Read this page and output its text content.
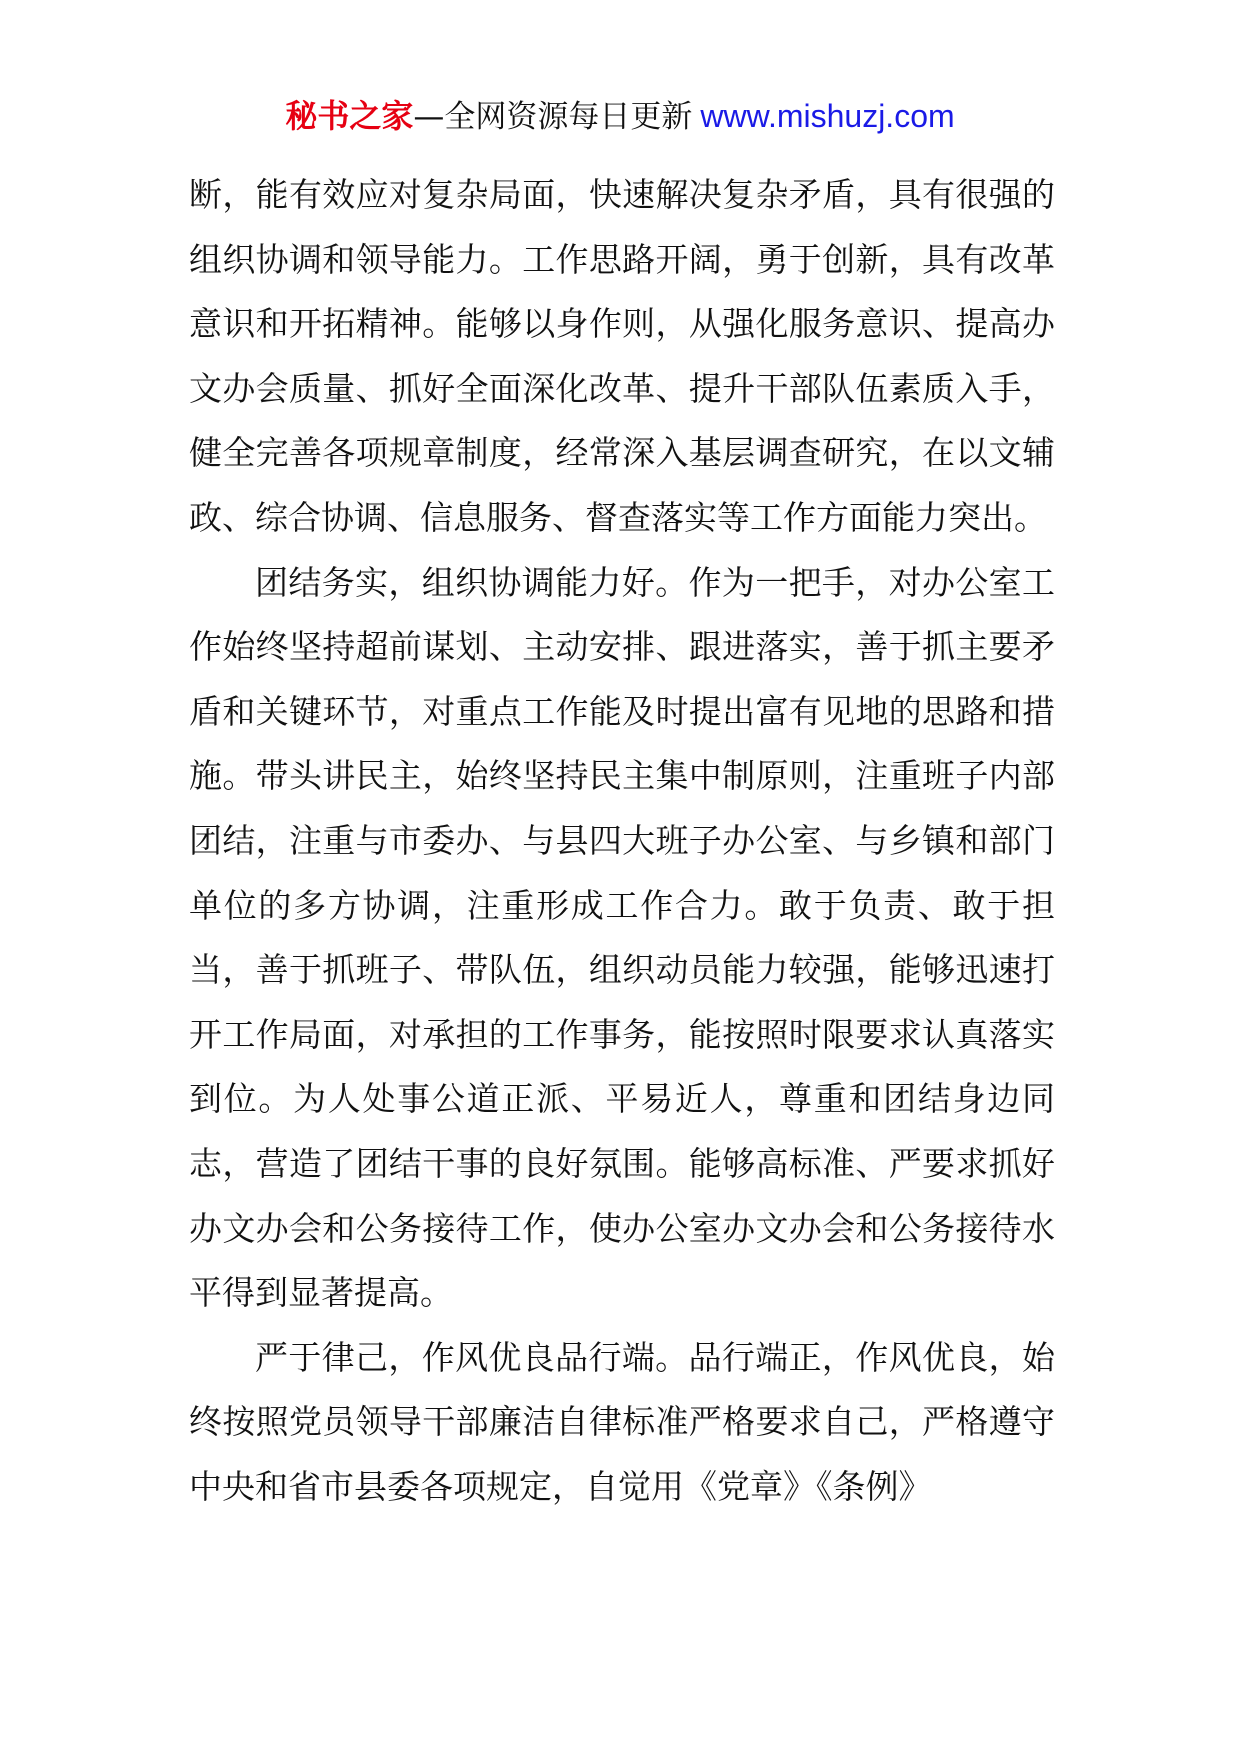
秘书之家—全网资源每日更新 www.mishuzj.com

断，能有效应对复杂局面，快速解决复杂矛盾，具有很强的组织协调和领导能力。工作思路开阔，勇于创新，具有改革意识和开拓精神。能够以身作则，从强化服务意识、提高办文办会质量、抓好全面深化改革、提升干部队伍素质入手，健全完善各项规章制度，经常深入基层调查研究，在以文辅政、综合协调、信息服务、督查落实等工作方面能力突出。

团结务实，组织协调能力好。作为一把手，对办公室工作始终坚持超前谋划、主动安排、跟进落实，善于抓主要矛盾和关键环节，对重点工作能及时提出富有见地的思路和措施。带头讲民主，始终坚持民主集中制原则，注重班子内部团结，注重与市委办、与县四大班子办公室、与乡镇和部门单位的多方协调，注重形成工作合力。敢于负责、敢于担当，善于抓班子、带队伍，组织动员能力较强，能够迅速打开工作局面，对承担的工作事务，能按照时限要求认真落实到位。为人处事公道正派、平易近人，尊重和团结身边同志，营造了团结干事的良好氛围。能够高标准、严要求抓好办文办会和公务接待工作，使办公室办文办会和公务接待水平得到显著提高。

严于律己，作风优良品行端。品行端正，作风优良，始终按照党员领导干部廉洁自律标准严格要求自己，严格遵守中央和省市县委各项规定，自觉用《党章》《条例》
